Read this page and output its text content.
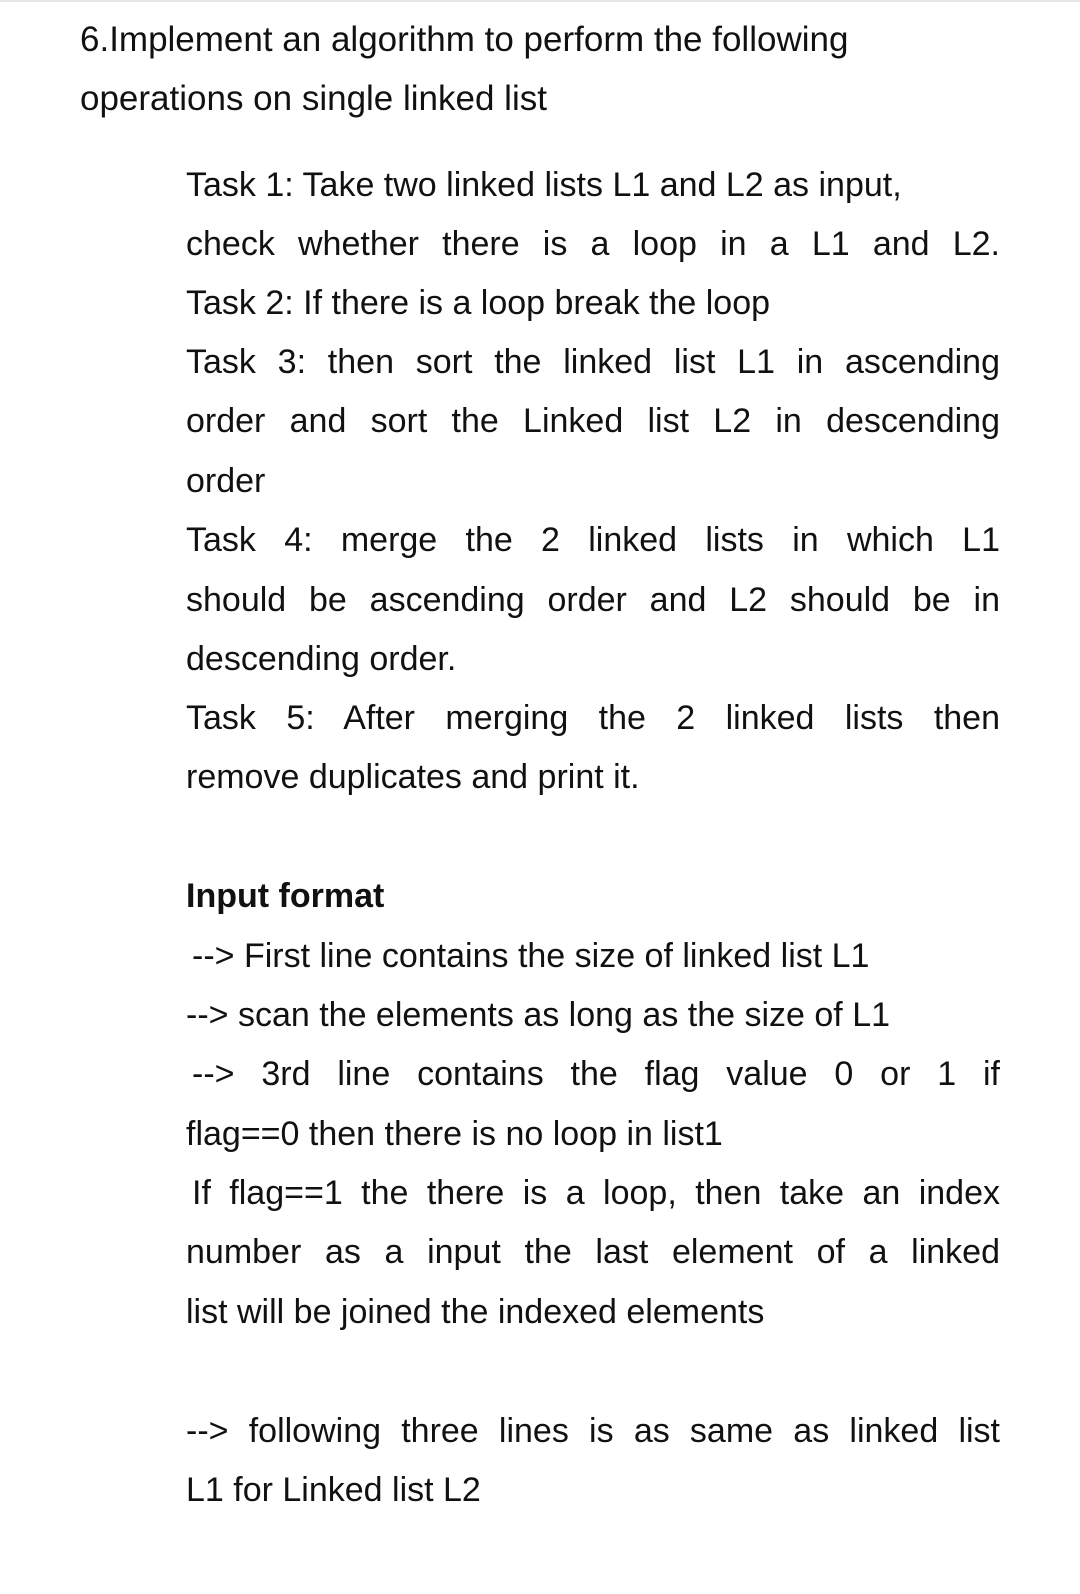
6.Implement an algorithm to perform the following
operations on single linked list

Task 1: Take two linked lists L1 and L2 as input,

check whether there is a loop in a L1 and L2.

Task 2: If there is a loop break the loop

Task 3: then sort the linked list L1 in ascending

order and sort the Linked list L2 in descending

order

Task 4: merge the 2 linked lists in which L1

should be ascending order and L2 should be in

descending order.

Task 5: After merging the 2 linked lists then

remove duplicates and print it.

Input format

--> First line contains the size of linked list L1

--> scan the elements as long as the size of L1

--> 3rd line contains the flag value 0 or 1 if

flag==0 then there is no loop in list1

If flag==1 the there is a loop, then take an index

number as a input the last element of a linked

list will be joined the indexed elements

--> following three lines is as same as linked list

L1 for Linked list L2
